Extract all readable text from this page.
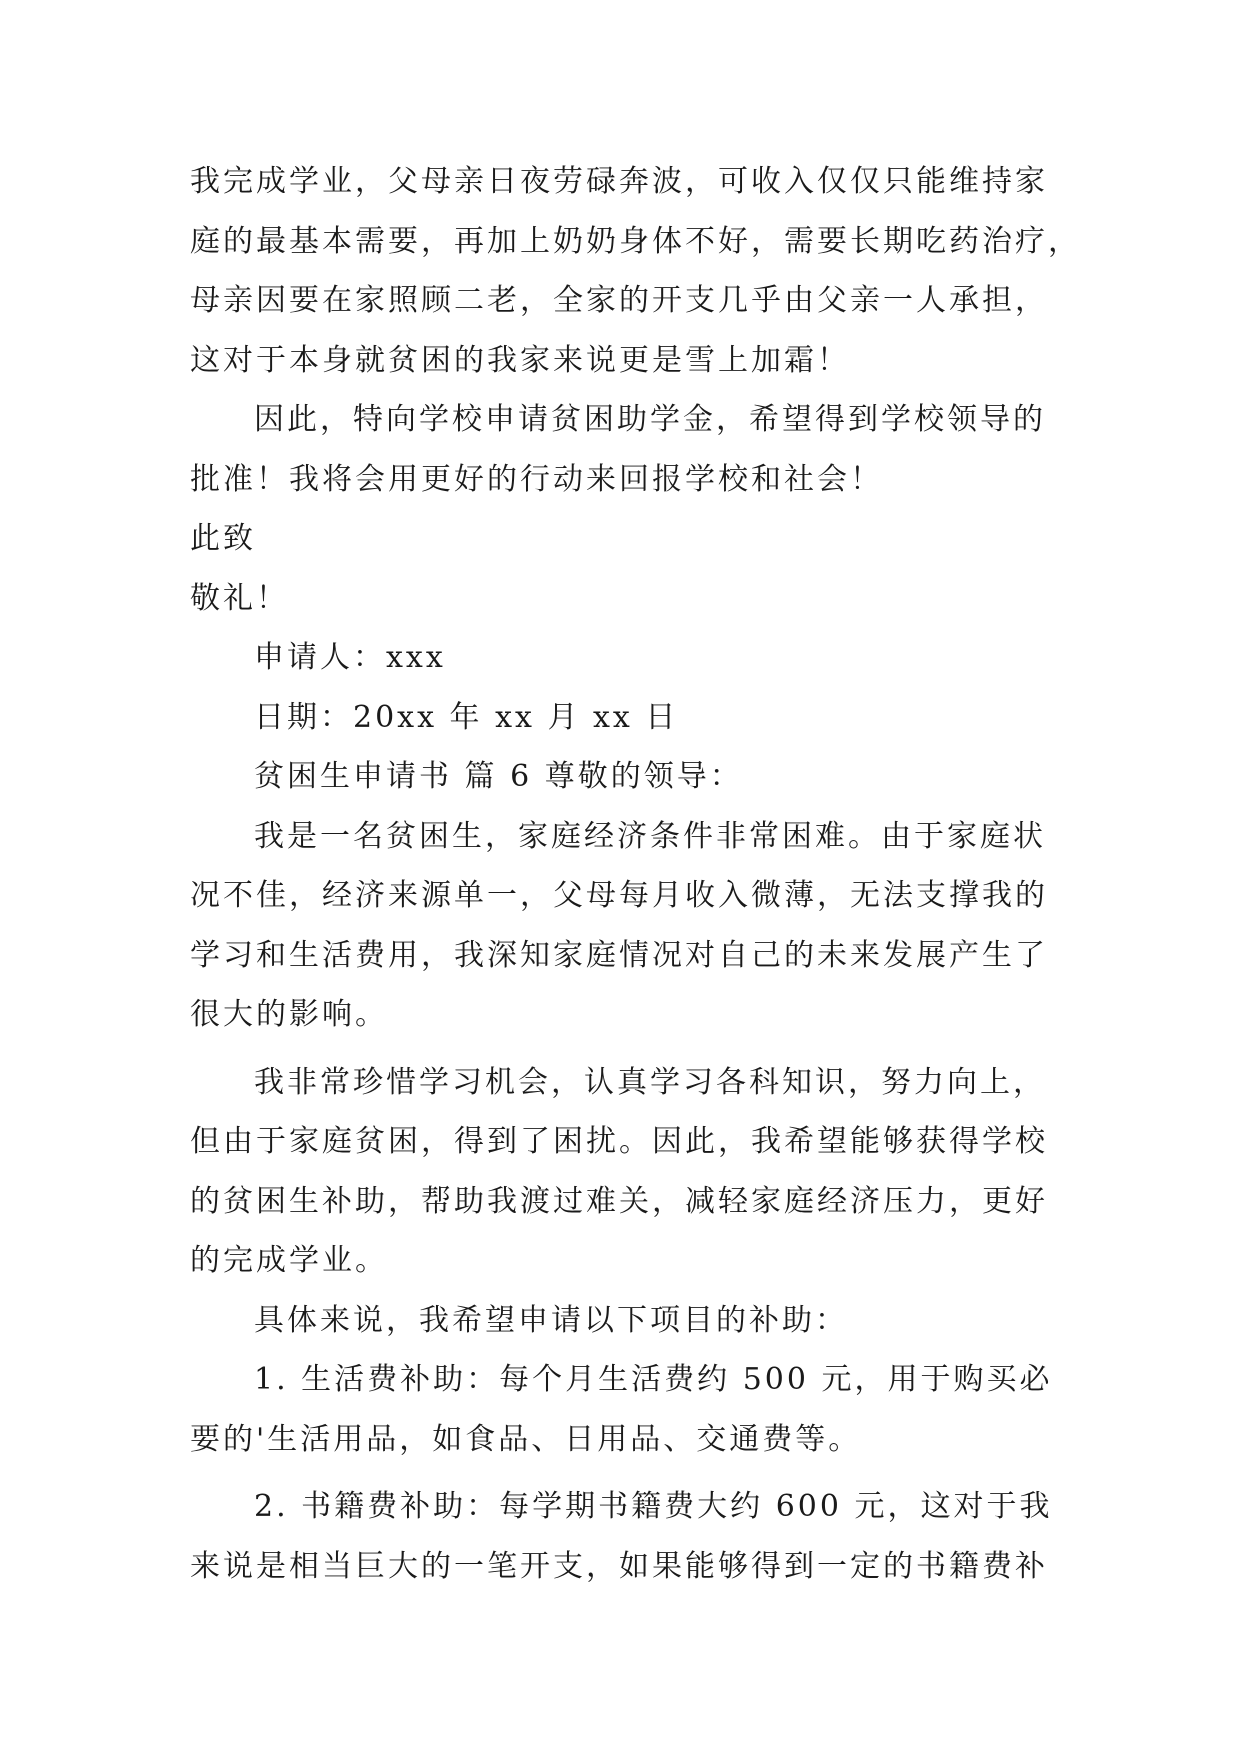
我完成学业，父母亲日夜劳碌奔波，可收入仅仅只能维持家
庭的最基本需要，再加上奶奶身体不好，需要长期吃药治疗，
母亲因要在家照顾二老，全家的开支几乎由父亲一人承担，
这对于本身就贫困的我家来说更是雪上加霜！
因此，特向学校申请贫困助学金，希望得到学校领导的
批准！我将会用更好的行动来回报学校和社会！
此致
敬礼！
申请人：xxx
日期：20xx 年 xx 月 xx 日
贫困生申请书 篇 6 尊敬的领导：
我是一名贫困生，家庭经济条件非常困难。由于家庭状
况不佳，经济来源单一，父母每月收入微薄，无法支撑我的
学习和生活费用，我深知家庭情况对自己的未来发展产生了
很大的影响。
我非常珍惜学习机会，认真学习各科知识，努力向上，
但由于家庭贫困，得到了困扰。因此，我希望能够获得学校
的贫困生补助，帮助我渡过难关，减轻家庭经济压力，更好
的完成学业。
具体来说，我希望申请以下项目的补助：
1. 生活费补助：每个月生活费约 500 元，用于购买必
要的'生活用品，如食品、日用品、交通费等。
2. 书籍费补助：每学期书籍费大约 600 元，这对于我
来说是相当巨大的一笔开支，如果能够得到一定的书籍费补
